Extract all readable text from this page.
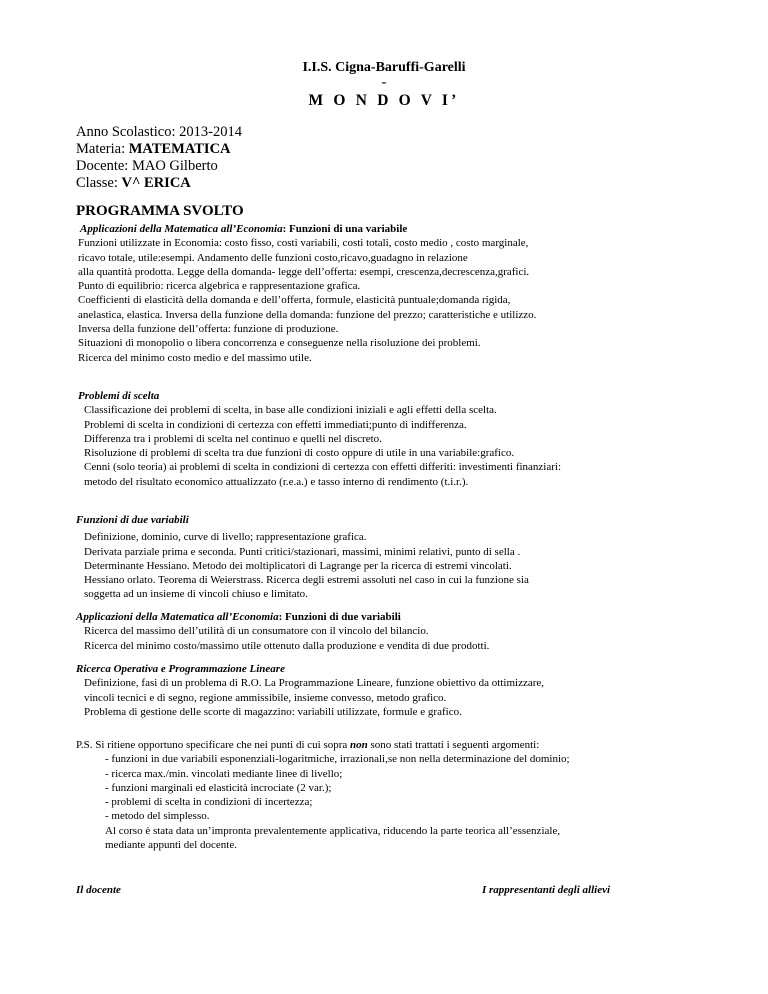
I.I.S. Cigna-Baruffi-Garelli
-
M O N D O V I’
Anno Scolastico: 2013-2014
Materia: MATEMATICA
Docente: MAO Gilberto
Classe: V^ ERICA
PROGRAMMA SVOLTO
Applicazioni della Matematica all’Economia: Funzioni di una variabile
Funzioni utilizzate in Economia: costo fisso, costi variabili, costi totali, costo medio , costo marginale,
ricavo totale, utile:esempi. Andamento delle funzioni costo,ricavo,guadagno in relazione
alla quantità prodotta. Legge della domanda- legge dell’offerta: esempi, crescenza,decrescenza,grafici.
Punto di equilibrio: ricerca algebrica e rappresentazione grafica.
Coefficienti di elasticità della domanda e dell’offerta, formule, elasticità puntuale;domanda rigida,
anelastica, elastica. Inversa della funzione della domanda: funzione del prezzo; caratteristiche e utilizzo.
Inversa della funzione dell’offerta: funzione di produzione.
Situazioni di monopolio o libera concorrenza e conseguenze nella risoluzione dei problemi.
Ricerca del minimo costo medio e del massimo utile.
Problemi di scelta
Classificazione dei problemi di scelta, in base alle condizioni iniziali e agli effetti della scelta.
Problemi di scelta in condizioni di certezza con effetti immediati;punto di indifferenza.
Differenza tra i problemi di scelta nel continuo e quelli nel discreto.
Risoluzione di problemi di scelta tra due funzioni di costo oppure di utile in una variabile:grafico.
Cenni (solo teoria) ai problemi di scelta in condizioni di certezza con effetti differiti: investimenti finanziari:
metodo del risultato economico attualizzato (r.e.a.) e tasso interno di rendimento (t.i.r.).
Funzioni di due variabili
Definizione, dominio, curve di livello; rappresentazione grafica.
Derivata parziale prima e seconda. Punti critici/stazionari, massimi, minimi relativi, punto di sella .
Determinante Hessiano. Metodo dei moltiplicatori di Lagrange per la ricerca di estremi vincolati.
Hessiano orlato. Teorema di Weierstrass. Ricerca degli estremi assoluti nel caso in cui la funzione sia
soggetta ad un insieme di vincoli chiuso e limitato.
Applicazioni della Matematica all’Economia: Funzioni di due variabili
Ricerca del massimo dell’utilità di un consumatore con il vincolo del bilancio.
Ricerca del minimo costo/massimo utile ottenuto dalla produzione e vendita di due prodotti.
Ricerca Operativa e Programmazione Lineare
Definizione, fasi di un problema di R.O. La Programmazione Lineare, funzione obiettivo da ottimizzare,
vincoli tecnici e di segno, regione ammissibile, insieme convesso, metodo grafico.
Problema di gestione delle scorte di magazzino: variabili utilizzate, formule e grafico.
P.S. Si ritiene opportuno specificare che nei punti di cui sopra non sono stati trattati i seguenti argomenti:
- funzioni in due variabili esponenziali-logaritmiche, irrazionali,se non nella determinazione del dominio;
- ricerca max./min. vincolati mediante linee di livello;
- funzioni marginali ed elasticità incrociate (2 var.);
- problemi di scelta in condizioni di incertezza;
- metodo del simplesso.
Al corso è stata data un’impronta prevalentemente applicativa, riducendo la parte teorica all’essenziale,
mediante appunti del docente.
Il docente	I rappresentanti degli allievi
